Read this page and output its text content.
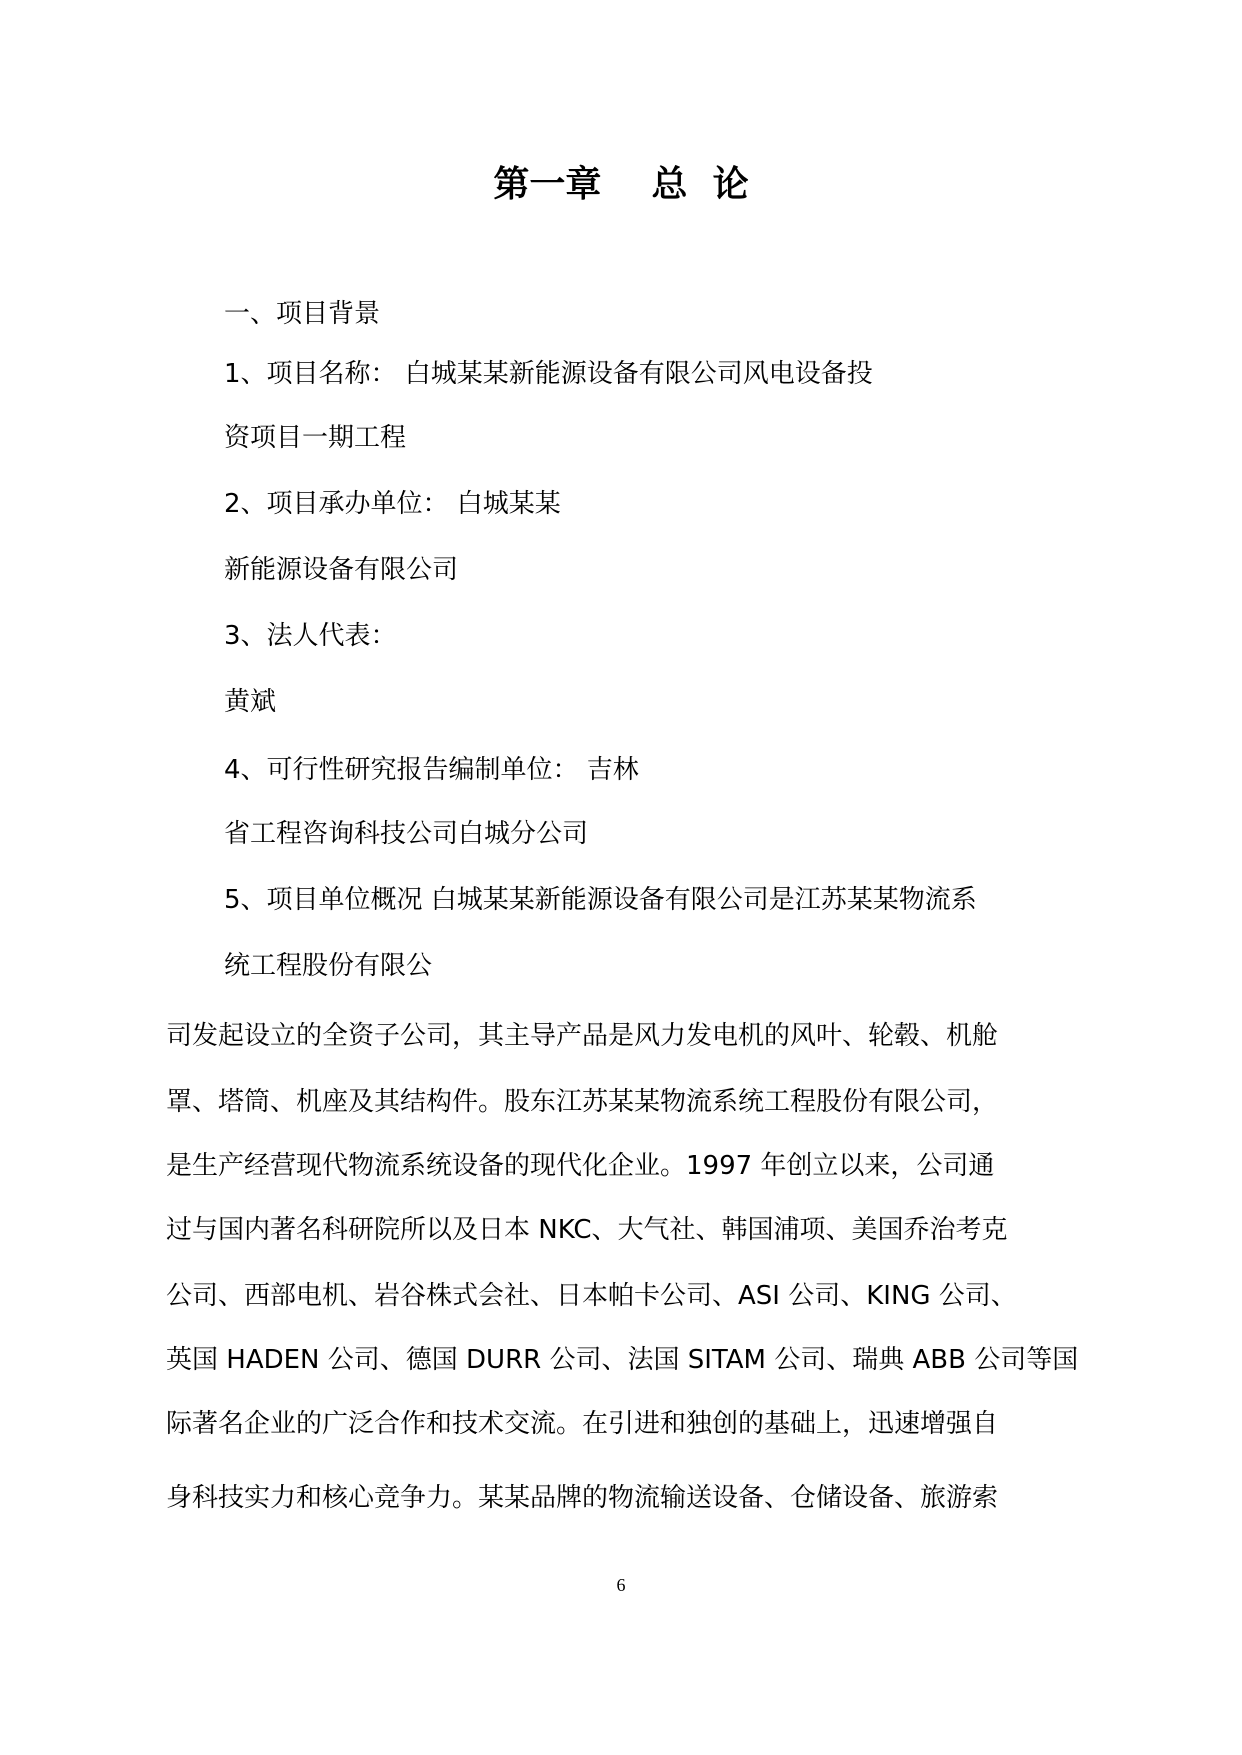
第一章    总  论
一、项目背景
1、项目名称： 白城某某新能源设备有限公司风电设备投
资项目一期工程
2、项目承办单位： 白城某某
新能源设备有限公司
3、法人代表：
黄斌
4、可行性研究报告编制单位： 吉林
省工程咨询科技公司白城分公司
5、项目单位概况 白城某某新能源设备有限公司是江苏某某物流系
统工程股份有限公
司发起设立的全资子公司，其主导产品是风力发电机的风叶、轮毂、机舱
罩、塔筒、机座及其结构件。股东江苏某某物流系统工程股份有限公司，
是生产经营现代物流系统设备的现代化企业。1997 年创立以来，公司通
过与国内著名科研院所以及日本 NKC、大气社、韩国浦项、美国乔治考克
公司、西部电机、岩谷株式会社、日本帕卡公司、ASI 公司、KING 公司、
英国 HADEN 公司、德国 DURR 公司、法国 SITAM 公司、瑞典 ABB 公司等国
际著名企业的广泛合作和技术交流。在引进和独创的基础上，迅速增强自
身科技实力和核心竞争力。某某品牌的物流输送设备、仓储设备、旅游索
6
